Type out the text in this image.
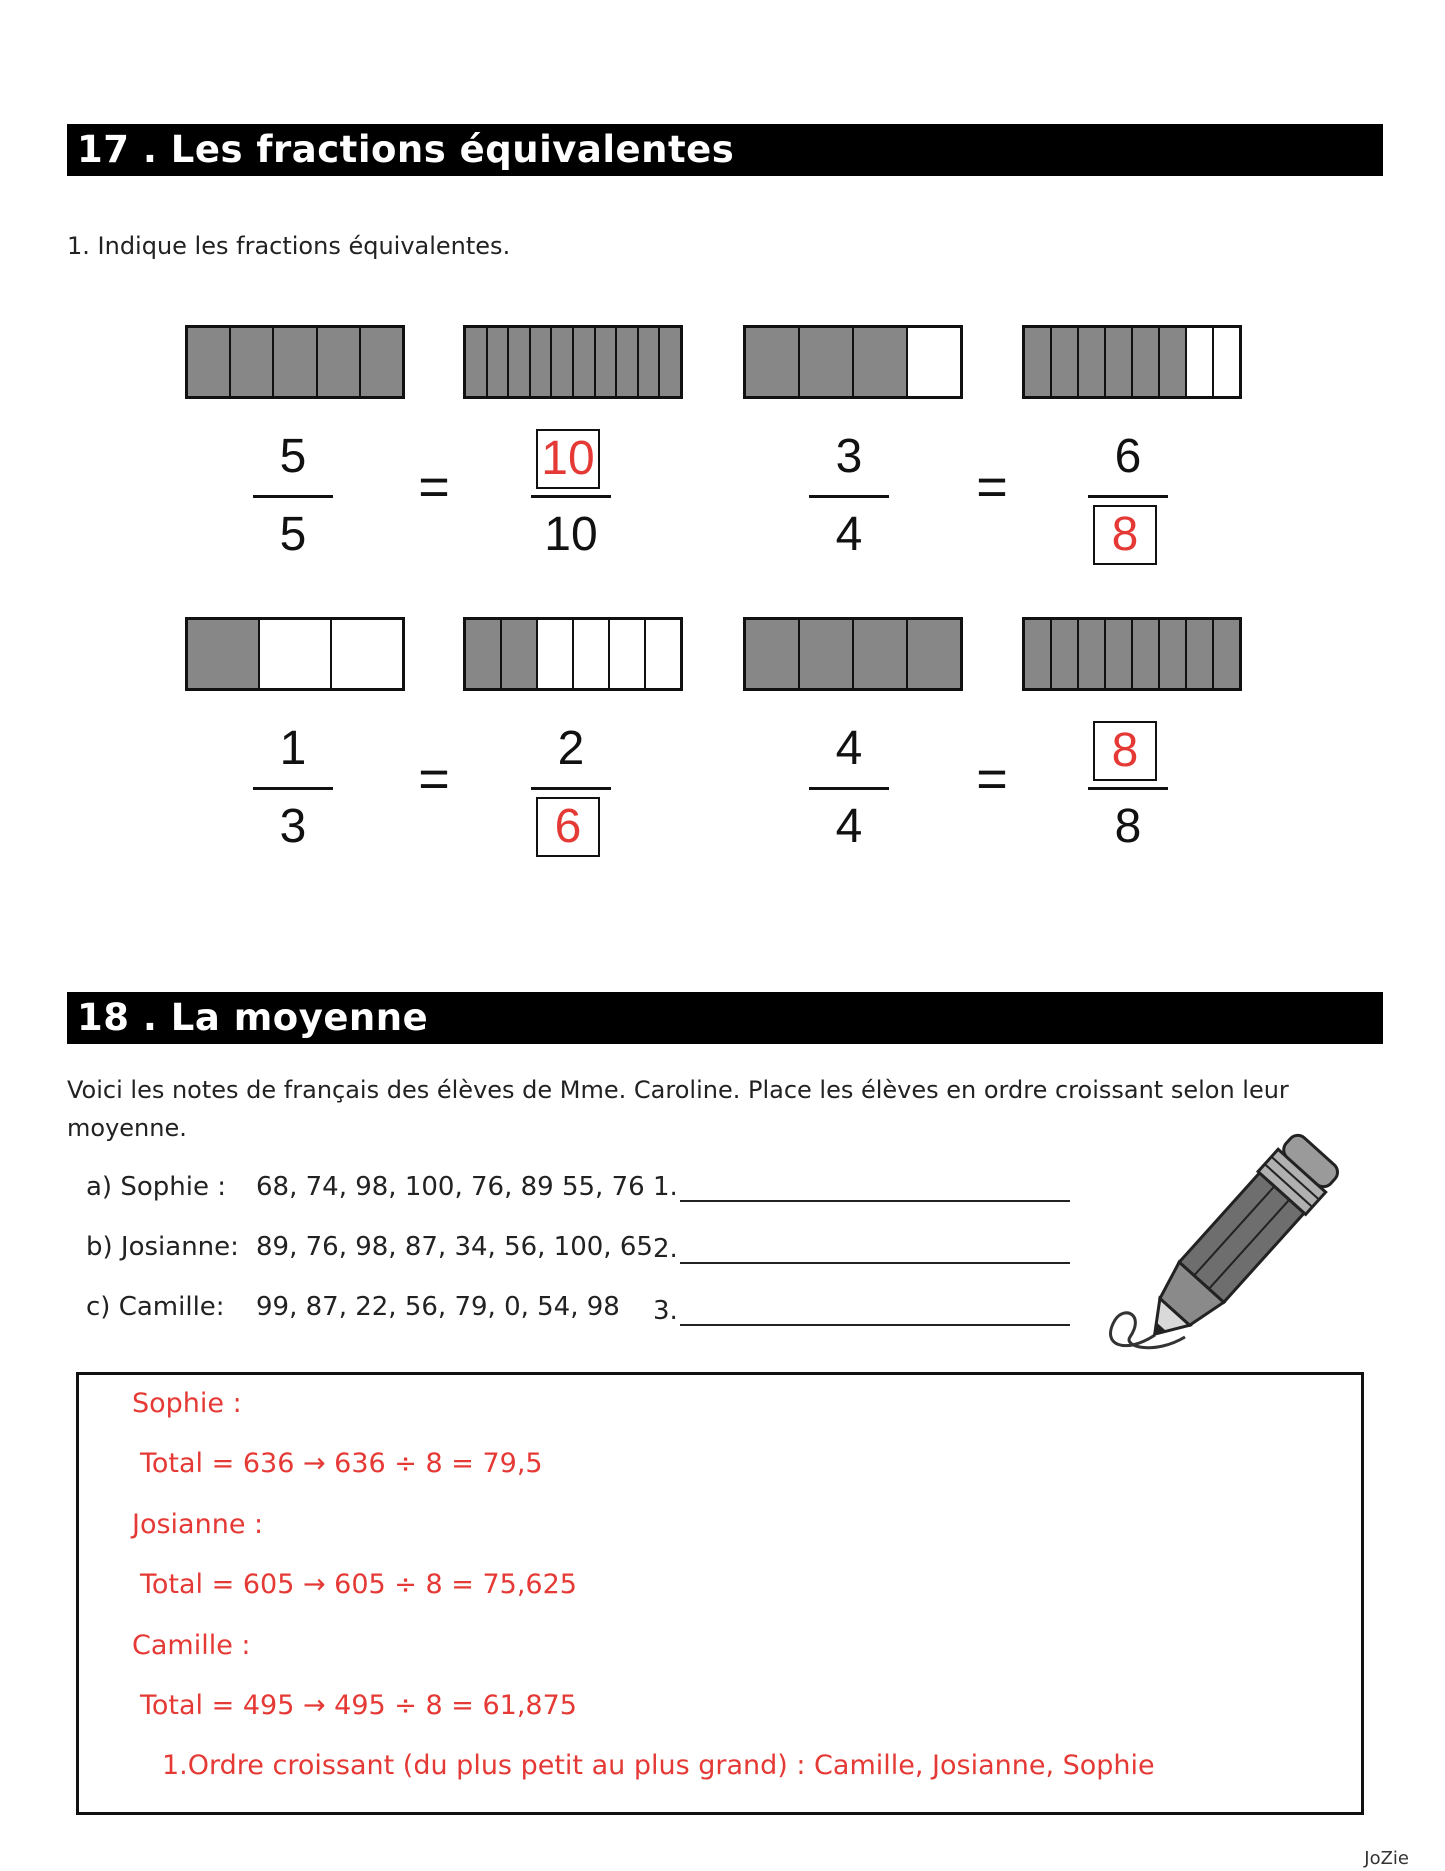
17 . Les fractions équivalentes
1. Indique les fractions équivalentes.
5
5
$\frac{10}{10}$
3
4	8
6
1
3	6
2	4
4
$\frac{8}{8}$
=	=
=	=
18 . La moyenne
Voici les notes de français des élèves de Mme. Caroline. Place les élèves en ordre croissant selon leur moyenne.
a) Sophie : 68, 74, 98, 100, 76, 89 55, 76
b) Josianne: 89, 76, 98, 87, 34, 56, 100, 65
c) Camille: 99, 87, 22, 56, 79, 0, 54, 98
1.
2.
3.
Sophie :
Total = 636 → 636 ÷ 8 = 79,5
Josianne :
Total = 605 → 605 ÷ 8 = 75,625
Camille :
Total = 495 → 495 ÷ 8 = 61,875
1.Ordre croissant (du plus petit au plus grand) : Camille, Josianne, Sophie
JoZie
